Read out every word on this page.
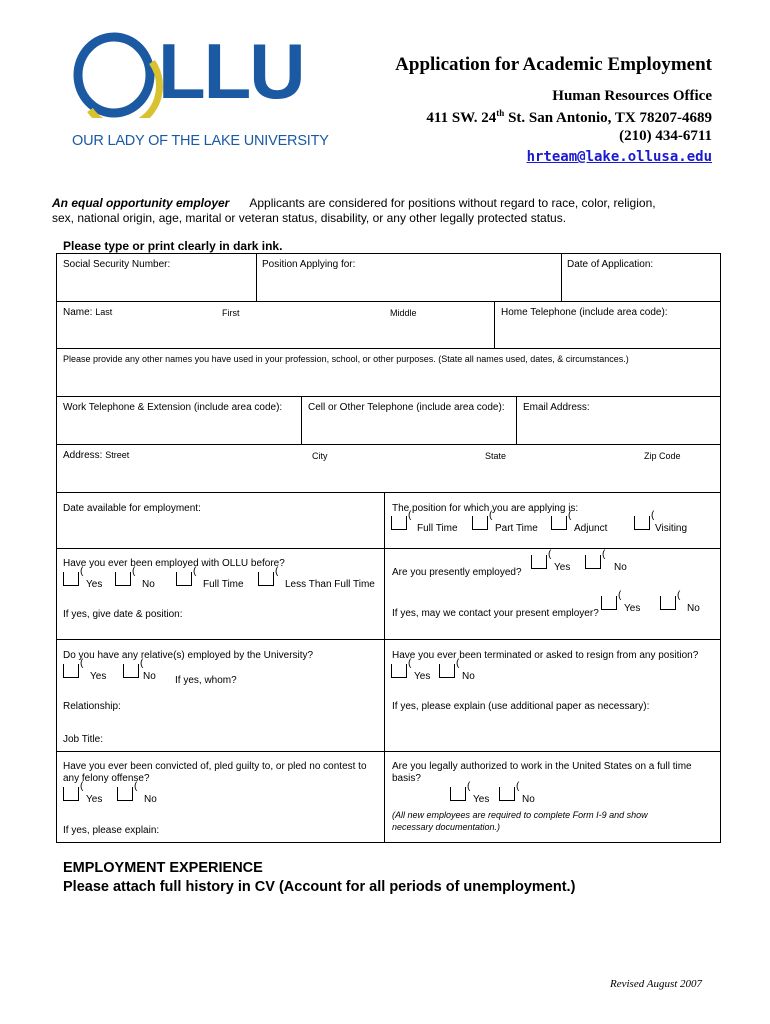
LLU
OUR LADY OF THE LAKE UNIVERSITY
Application for Academic Employment
Human Resources Office
411 SW. 24th St. San Antonio, TX 78207-4689
(210) 434-6711
hrteam@lake.ollusa.edu
An equal opportunity employer Applicants are considered for positions without regard to race, color, religion,
sex, national origin, age, marital or veteran status, disability, or any other legally protected status.
Please type or print clearly in dark ink.
Social Security Number:	Position Applying for:	Date of Application:
Name: Last	First	Middle	Home Telephone (include area code):
Please provide any other names you have used in your profession, school, or other purposes. (State all names used, dates, & circumstances.)
Work Telephone & Extension (include area code):	Cell or Other Telephone (include area code): Email Address:
Address: Street	City	State	Zip Code
Date available for employment:	The position for which you are applying is:
(Full Time (	Part Time (	Adjunct (	Visiting
Have you ever been employed with OLLU before?
(Yes (	No (	Full Time (	Less Than Full Time
If yes, give date & position:
Are you presently employed? (	Yes (	No
If yes, may we contact your present employer? (	Yes (	No
Do you have any relative(s) employed by the University?
(Yes (	No If yes, whom?
Relationship:
Job Title:
Have you ever been terminated or asked to resign from any position?
(Yes (	No
If yes, please explain (use additional paper as necessary):
Have you ever been convicted of, pled guilty to, or pled no contest to
any felony offense?
(Yes (	No
If yes, please explain:
Are you legally authorized to work in the United States on a full time
basis?
(Yes (	No
(All new employees are required to complete Form I-9 and show
necessary documentation.)
EMPLOYMENT EXPERIENCE
Please attach full history in CV (Account for all periods of unemployment.)
Revised August 2007
